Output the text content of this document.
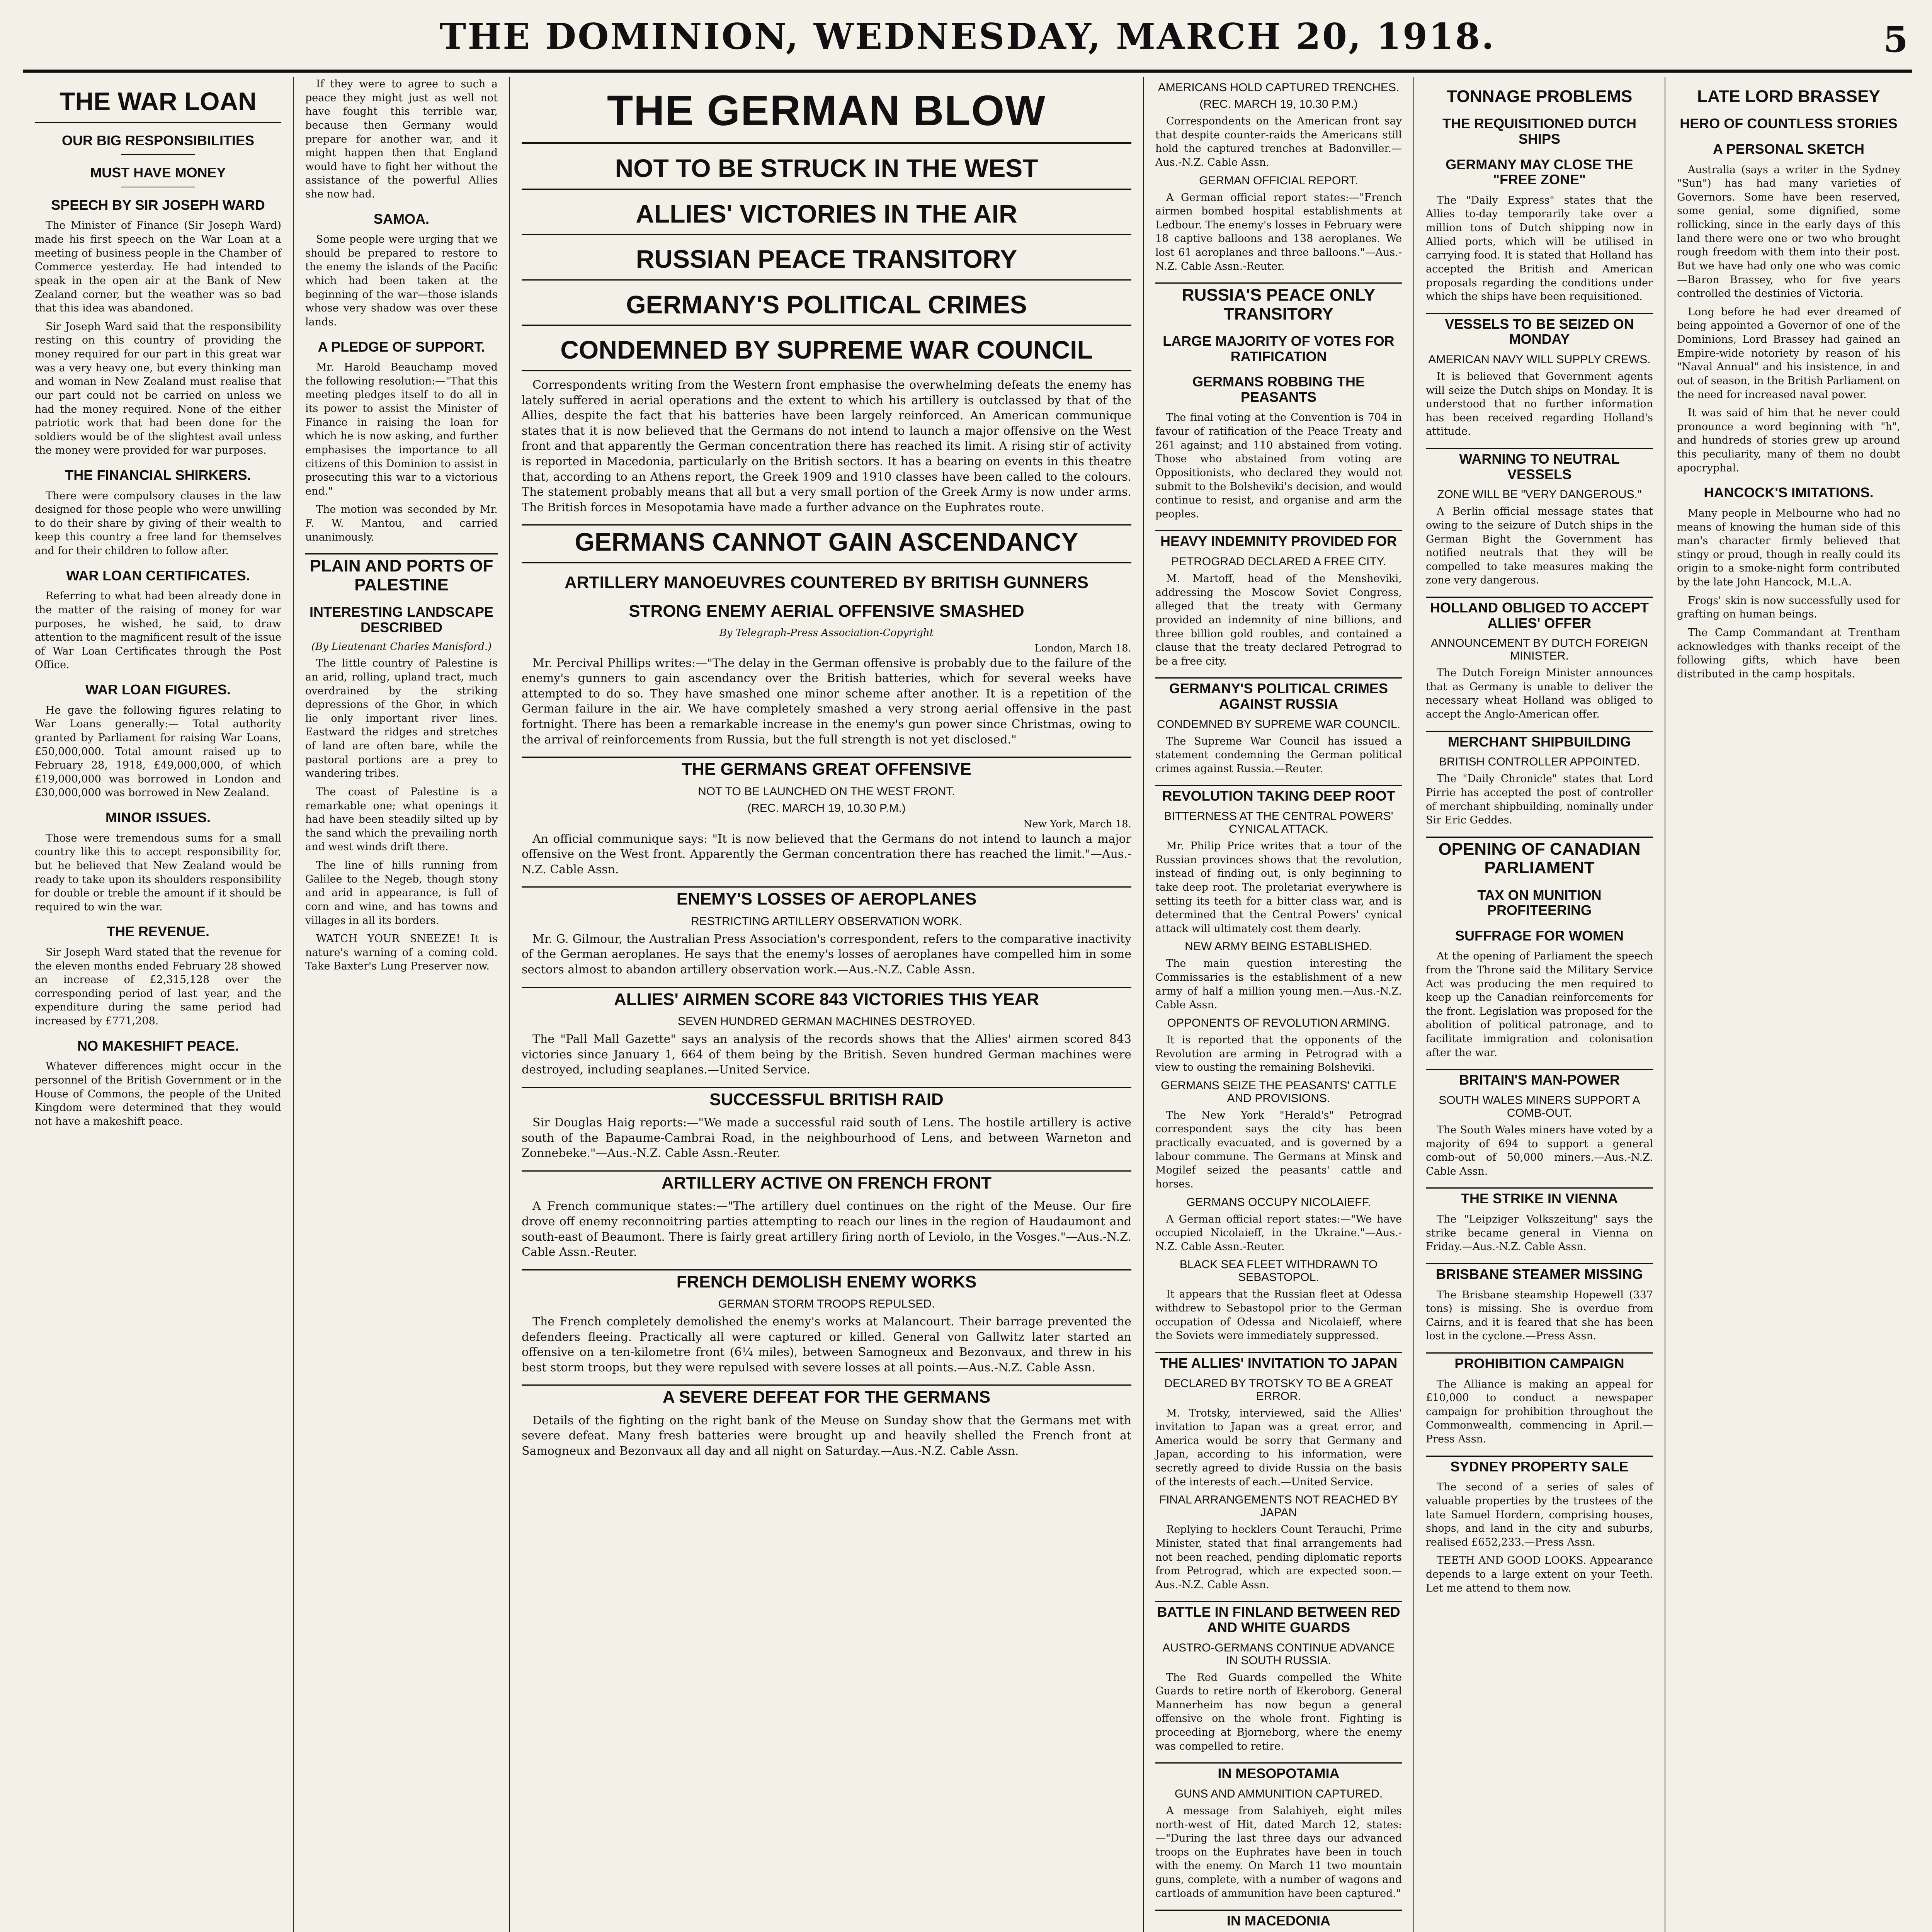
THE DOMINION, WEDNESDAY, MARCH 20, 1918.	5
THE WAR LOAN
OUR BIG RESPONSIBILITIES
MUST HAVE MONEY
SPEECH BY SIR JOSEPH WARD

The Minister of Finance (Sir Joseph Ward) made his first speech on the War Loan at a meeting of business people in the Chamber of Commerce yesterday. He had intended to speak in the open air at the Bank of New Zealand corner, but the weather was so bad that this idea was abandoned.

Sir Joseph Ward said that the responsibility resting on this country of providing the money required for our part in this great war was a very heavy one, but every thinking man and woman in New Zealand must realise that our part could not be carried on unless we had the money required. None of the either patriotic work that had been done for the soldiers would be of the slightest avail unless the money were provided for war purposes.

THE FINANCIAL SHIRKERS.

There were compulsory clauses in the law designed for those people who were unwilling to do their share by giving of their wealth to keep this country a free land for themselves and for their children to follow after.

WAR LOAN CERTIFICATES.

Referring to what had been already done in the matter of the raising of money for war purposes, he wished, he said, to draw attention to the magnificent result of the issue of War Loan Certificates through the Post Office.

WAR LOAN FIGURES.

He gave the following figures relating to War Loans generally:— Total authority granted by Parliament for raising War Loans, £50,000,000. Total amount raised up to February 28, 1918, £49,000,000, of which £19,000,000 was borrowed in London and £30,000,000 was borrowed in New Zealand.

MINOR ISSUES.

Those were tremendous sums for a small country like this to accept responsibility for, but he believed that New Zealand would be ready to take upon its shoulders responsibility for double or treble the amount if it should be required to win the war.

THE REVENUE.

Sir Joseph Ward stated that the revenue for the eleven months ended February 28 showed an increase of £2,315,128 over the corresponding period of last year, and the expenditure during the same period had increased by £771,208.

NO MAKESHIFT PEACE.

Whatever differences might occur in the personnel of the British Government or in the House of Commons, the people of the United Kingdom were determined that they would not have a makeshift peace.

If they were to agree to such a peace they might just as well not have fought this terrible war, because then Germany would prepare for another war, and it might happen then that England would have to fight her without the assistance of the powerful Allies she now had.

SAMOA.

Some people were urging that we should be prepared to restore to the enemy the islands of the Pacific which had been taken at the beginning of the war—those islands whose very shadow was over these lands.

A PLEDGE OF SUPPORT.

Mr. Harold Beauchamp moved the following resolution:—"That this meeting pledges itself to do all in its power to assist the Minister of Finance in raising the loan for which he is now asking, and further emphasises the importance to all citizens of this Dominion to assist in prosecuting this war to a victorious end."

The motion was seconded by Mr. F. W. Mantou, and carried unanimously.

PLAIN AND PORTS OF PALESTINE
INTERESTING LANDSCAPE DESCRIBED
(By Lieutenant Charles Manisford.)

The little country of Palestine is an arid, rolling, upland tract, much overdrained by the striking depressions of the Ghor, in which lie only important river lines. Eastward the ridges and stretches of land are often bare, while the pastoral portions are a prey to wandering tribes.

The coast of Palestine is a remarkable one; what openings it had have been steadily silted up by the sand which the prevailing north and west winds drift there.

The line of hills running from Galilee to the Negeb, though stony and arid in appearance, is full of corn and wine, and has towns and villages in all its borders.

WATCH YOUR SNEEZE! It is nature's warning of a coming cold. Take Baxter's Lung Preserver now.

THE GERMAN BLOW
NOT TO BE STRUCK IN THE WEST
ALLIES' VICTORIES IN THE AIR
RUSSIAN PEACE TRANSITORY
GERMANY'S POLITICAL CRIMES
CONDEMNED BY SUPREME WAR COUNCIL

Correspondents writing from the Western front emphasise the overwhelming defeats the enemy has lately suffered in aerial operations and the extent to which his artillery is outclassed by that of the Allies, despite the fact that his batteries have been largely reinforced. An American communique states that it is now believed that the Germans do not intend to launch a major offensive on the West front and that apparently the German concentration there has reached its limit. A rising stir of activity is reported in Macedonia, particularly on the British sectors. It has a bearing on events in this theatre that, according to an Athens report, the Greek 1909 and 1910 classes have been called to the colours. The statement probably means that all but a very small portion of the Greek Army is now under arms. The British forces in Mesopotamia have made a further advance on the Euphrates route.

GERMANS CANNOT GAIN ASCENDANCY
ARTILLERY MANOEUVRES COUNTERED BY BRITISH GUNNERS
STRONG ENEMY AERIAL OFFENSIVE SMASHED
By Telegraph-Press Association-Copyright
London, March 18.

Mr. Percival Phillips writes:—"The delay in the German offensive is probably due to the failure of the enemy's gunners to gain ascendancy over the British batteries, which for several weeks have attempted to do so. They have smashed one minor scheme after another. It is a repetition of the German failure in the air. We have completely smashed a very strong aerial offensive in the past fortnight. There has been a remarkable increase in the enemy's gun power since Christmas, owing to the arrival of reinforcements from Russia, but the full strength is not yet disclosed."

THE GERMANS GREAT OFFENSIVE
NOT TO BE LAUNCHED ON THE WEST FRONT.
(REC. MARCH 19, 10.30 P.M.)
New York, March 18.

An official communique says: "It is now believed that the Germans do not intend to launch a major offensive on the West front. Apparently the German concentration there has reached the limit."—Aus.-N.Z. Cable Assn.

ENEMY'S LOSSES OF AEROPLANES
RESTRICTING ARTILLERY OBSERVATION WORK.

Mr. G. Gilmour, the Australian Press Association's correspondent, refers to the comparative inactivity of the German aeroplanes. He says that the enemy's losses of aeroplanes have compelled him in some sectors almost to abandon artillery observation work.—Aus.-N.Z. Cable Assn.

ALLIES' AIRMEN SCORE 843 VICTORIES THIS YEAR
SEVEN HUNDRED GERMAN MACHINES DESTROYED.

The "Pall Mall Gazette" says an analysis of the records shows that the Allies' airmen scored 843 victories since January 1, 664 of them being by the British. Seven hundred German machines were destroyed, including seaplanes.—United Service.

SUCCESSFUL BRITISH RAID

Sir Douglas Haig reports:—"We made a successful raid south of Lens. The hostile artillery is active south of the Bapaume-Cambrai Road, in the neighbourhood of Lens, and between Warneton and Zonnebeke."—Aus.-N.Z. Cable Assn.-Reuter.

ARTILLERY ACTIVE ON FRENCH FRONT

A French communique states:—"The artillery duel continues on the right of the Meuse. Our fire drove off enemy reconnoitring parties attempting to reach our lines in the region of Haudaumont and south-east of Beaumont. There is fairly great artillery firing north of Leviolo, in the Vosges."—Aus.-N.Z. Cable Assn.-Reuter.

FRENCH DEMOLISH ENEMY WORKS
GERMAN STORM TROOPS REPULSED.

The French completely demolished the enemy's works at Malancourt. Their barrage prevented the defenders fleeing. Practically all were captured or killed. General von Gallwitz later started an offensive on a ten-kilometre front (6¼ miles), between Samogneux and Bezonvaux, and threw in his best storm troops, but they were repulsed with severe losses at all points.—Aus.-N.Z. Cable Assn.

A SEVERE DEFEAT FOR THE GERMANS

Details of the fighting on the right bank of the Meuse on Sunday show that the Germans met with severe defeat. Many fresh batteries were brought up and heavily shelled the French front at Samogneux and Bezonvaux all day and all night on Saturday.—Aus.-N.Z. Cable Assn.

AMERICANS HOLD CAPTURED TRENCHES.
(REC. MARCH 19, 10.30 P.M.)

Correspondents on the American front say that despite counter-raids the Americans still hold the captured trenches at Badonviller.—Aus.-N.Z. Cable Assn.

GERMAN OFFICIAL REPORT.

A German official report states:—"French airmen bombed hospital establishments at Ledbour. The enemy's losses in February were 18 captive balloons and 138 aeroplanes. We lost 61 aeroplanes and three balloons."—Aus.-N.Z. Cable Assn.-Reuter.

RUSSIA'S PEACE ONLY TRANSITORY
LARGE MAJORITY OF VOTES FOR RATIFICATION
GERMANS ROBBING THE PEASANTS

The final voting at the Convention is 704 in favour of ratification of the Peace Treaty and 261 against; and 110 abstained from voting. Those who abstained from voting are Oppositionists, who declared they would not submit to the Bolsheviki's decision, and would continue to resist, and organise and arm the peoples.

HEAVY INDEMNITY PROVIDED FOR
PETROGRAD DECLARED A FREE CITY.

M. Martoff, head of the Mensheviki, addressing the Moscow Soviet Congress, alleged that the treaty with Germany provided an indemnity of nine billions, and three billion gold roubles, and contained a clause that the treaty declared Petrograd to be a free city.

GERMANY'S POLITICAL CRIMES AGAINST RUSSIA
CONDEMNED BY SUPREME WAR COUNCIL.

The Supreme War Council has issued a statement condemning the German political crimes against Russia.—Reuter.

REVOLUTION TAKING DEEP ROOT
BITTERNESS AT THE CENTRAL POWERS' CYNICAL ATTACK.

Mr. Philip Price writes that a tour of the Russian provinces shows that the revolution, instead of finding out, is only beginning to take deep root. The proletariat everywhere is setting its teeth for a bitter class war, and is determined that the Central Powers' cynical attack will ultimately cost them dearly.

NEW ARMY BEING ESTABLISHED.

The main question interesting the Commissaries is the establishment of a new army of half a million young men.—Aus.-N.Z. Cable Assn.

OPPONENTS OF REVOLUTION ARMING.

It is reported that the opponents of the Revolution are arming in Petrograd with a view to ousting the remaining Bolsheviki.

GERMANS SEIZE THE PEASANTS' CATTLE AND PROVISIONS.

The New York "Herald's" Petrograd correspondent says the city has been practically evacuated, and is governed by a labour commune. The Germans at Minsk and Mogilef seized the peasants' cattle and horses.

GERMANS OCCUPY NICOLAIEFF.

A German official report states:—"We have occupied Nicolaieff, in the Ukraine."—Aus.-N.Z. Cable Assn.-Reuter.

BLACK SEA FLEET WITHDRAWN TO SEBASTOPOL.

It appears that the Russian fleet at Odessa withdrew to Sebastopol prior to the German occupation of Odessa and Nicolaieff, where the Soviets were immediately suppressed.

THE ALLIES' INVITATION TO JAPAN
DECLARED BY TROTSKY TO BE A GREAT ERROR.

M. Trotsky, interviewed, said the Allies' invitation to Japan was a great error, and America would be sorry that Germany and Japan, according to his information, were secretly agreed to divide Russia on the basis of the interests of each.—United Service.

FINAL ARRANGEMENTS NOT REACHED BY JAPAN

Replying to hecklers Count Terauchi, Prime Minister, stated that final arrangements had not been reached, pending diplomatic reports from Petrograd, which are expected soon.—Aus.-N.Z. Cable Assn.

BATTLE IN FINLAND BETWEEN RED AND WHITE GUARDS
AUSTRO-GERMANS CONTINUE ADVANCE IN SOUTH RUSSIA.

The Red Guards compelled the White Guards to retire north of Ekeroborg. General Mannerheim has now begun a general offensive on the whole front. Fighting is proceeding at Bjorneborg, where the enemy was compelled to retire.

IN MESOPOTAMIA
GUNS AND AMMUNITION CAPTURED.

A message from Salahiyeh, eight miles north-west of Hit, dated March 12, states:—"During the last three days our advanced troops on the Euphrates have been in touch with the enemy. On March 11 two mountain guns, complete, with a number of wagons and cartloads of ammunition have been captured."

IN MACEDONIA

TONNAGE PROBLEMS
THE REQUISITIONED DUTCH SHIPS
GERMANY MAY CLOSE THE "FREE ZONE"

The "Daily Express" states that the Allies to-day temporarily take over a million tons of Dutch shipping now in Allied ports, which will be utilised in carrying food. It is stated that Holland has accepted the British and American proposals regarding the conditions under which the ships have been requisitioned.

VESSELS TO BE SEIZED ON MONDAY
AMERICAN NAVY WILL SUPPLY CREWS.

It is believed that Government agents will seize the Dutch ships on Monday. It is understood that no further information has been received regarding Holland's attitude.

WARNING TO NEUTRAL VESSELS
ZONE WILL BE "VERY DANGEROUS."

A Berlin official message states that owing to the seizure of Dutch ships in the German Bight the Government has notified neutrals that they will be compelled to take measures making the zone very dangerous.

HOLLAND OBLIGED TO ACCEPT ALLIES' OFFER
ANNOUNCEMENT BY DUTCH FOREIGN MINISTER.

The Dutch Foreign Minister announces that as Germany is unable to deliver the necessary wheat Holland was obliged to accept the Anglo-American offer.

MERCHANT SHIPBUILDING
BRITISH CONTROLLER APPOINTED.

The "Daily Chronicle" states that Lord Pirrie has accepted the post of controller of merchant shipbuilding, nominally under Sir Eric Geddes.

OPENING OF CANADIAN PARLIAMENT
TAX ON MUNITION PROFITEERING
SUFFRAGE FOR WOMEN

At the opening of Parliament the speech from the Throne said the Military Service Act was producing the men required to keep up the Canadian reinforcements for the front. Legislation was proposed for the abolition of political patronage, and to facilitate immigration and colonisation after the war.

BRITAIN'S MAN-POWER
SOUTH WALES MINERS SUPPORT A COMB-OUT.

The South Wales miners have voted by a majority of 694 to support a general comb-out of 50,000 miners.—Aus.-N.Z. Cable Assn.

THE STRIKE IN VIENNA

The "Leipziger Volkszeitung" says the strike became general in Vienna on Friday.—Aus.-N.Z. Cable Assn.

BRISBANE STEAMER MISSING

The Brisbane steamship Hopewell (337 tons) is missing. She is overdue from Cairns, and it is feared that she has been lost in the cyclone.—Press Assn.

PROHIBITION CAMPAIGN

The Alliance is making an appeal for £10,000 to conduct a newspaper campaign for prohibition throughout the Commonwealth, commencing in April.—Press Assn.

SYDNEY PROPERTY SALE

The second of a series of sales of valuable properties by the trustees of the late Samuel Hordern, comprising houses, shops, and land in the city and suburbs, realised £652,233.—Press Assn.

TEETH AND GOOD LOOKS. Appearance depends to a large extent on your Teeth. Let me attend to them now.

LATE LORD BRASSEY
HERO OF COUNTLESS STORIES
A PERSONAL SKETCH

Australia (says a writer in the Sydney "Sun") has had many varieties of Governors. Some have been reserved, some genial, some dignified, some rollicking, since in the early days of this land there were one or two who brought rough freedom with them into their post. But we have had only one who was comic—Baron Brassey, who for five years controlled the destinies of Victoria.

Long before he had ever dreamed of being appointed a Governor of one of the Dominions, Lord Brassey had gained an Empire-wide notoriety by reason of his "Naval Annual" and his insistence, in and out of season, in the British Parliament on the need for increased naval power.

It was said of him that he never could pronounce a word beginning with "h", and hundreds of stories grew up around this peculiarity, many of them no doubt apocryphal.

HANCOCK'S IMITATIONS.

Many people in Melbourne who had no means of knowing the human side of this man's character firmly believed that stingy or proud, though in really could its origin to a smoke-night form contributed by the late John Hancock, M.L.A.

Frogs' skin is now successfully used for grafting on human beings.

The Camp Commandant at Trentham acknowledges with thanks receipt of the following gifts, which have been distributed in the camp hospitals.
